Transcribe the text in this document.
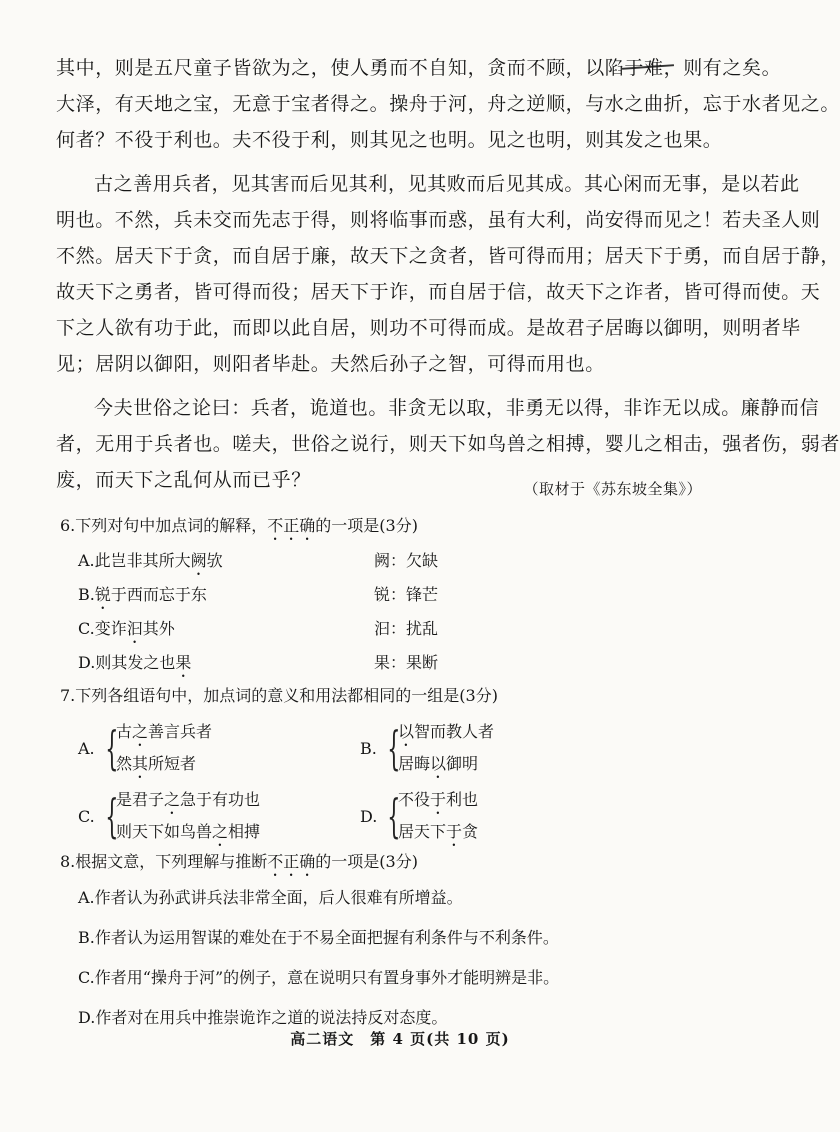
其中，则是五尺童子皆欲为之，使人勇而不自知，贪而不顾，以陷于难，则有之矣。
大泽，有天地之宝，无意于宝者得之。操舟于河，舟之逆顺，与水之曲折，忘于水者见之。
何者？不役于利也。夫不役于利，则其见之也明。见之也明，则其发之也果。
古之善用兵者，见其害而后见其利，见其败而后见其成。其心闲而无事，是以若此
明也。不然，兵未交而先志于得，则将临事而惑，虽有大利，尚安得而见之！若夫圣人则
不然。居天下于贪，而自居于廉，故天下之贪者，皆可得而用；居天下于勇，而自居于静，
故天下之勇者，皆可得而役；居天下于诈，而自居于信，故天下之诈者，皆可得而使。天
下之人欲有功于此，而即以此自居，则功不可得而成。是故君子居晦以御明，则明者毕
见；居阴以御阳，则阳者毕赴。夫然后孙子之智，可得而用也。
今夫世俗之论曰：兵者，诡道也。非贪无以取，非勇无以得，非诈无以成。廉静而信
者，无用于兵者也。嗟夫，世俗之说行，则天下如鸟兽之相搏，婴儿之相击，强者伤，弱者
废，而天下之乱何从而已乎？	（取材于《苏东坡全集》）
6.下列对句中加点词的解释，不正确的一项是(3分)
A.此岂非其所大阙欤	阙：欠缺
B.锐于西而忘于东	锐：锋芒
C.变诈汩其外	汩：扰乱
D.则其发之也果	果：果断
7.下列各组语句中，加点词的意义和用法都相同的一组是(3分)
A. {
古之善言兵者
然其所短者
B. {
以智而教人者
居晦以御明
C. {
是君子之急于有功也
则天下如鸟兽之相搏
D. {
不役于利也
居天下于贪
8.根据文意，下列理解与推断不正确的一项是(3分)
A.作者认为孙武讲兵法非常全面，后人很难有所增益。
B.作者认为运用智谋的难处在于不易全面把握有利条件与不利条件。
C.作者用“操舟于河”的例子，意在说明只有置身事外才能明辨是非。
D.作者对在用兵中推崇诡诈之道的说法持反对态度。
高二语文　第 4 页(共 10 页)
